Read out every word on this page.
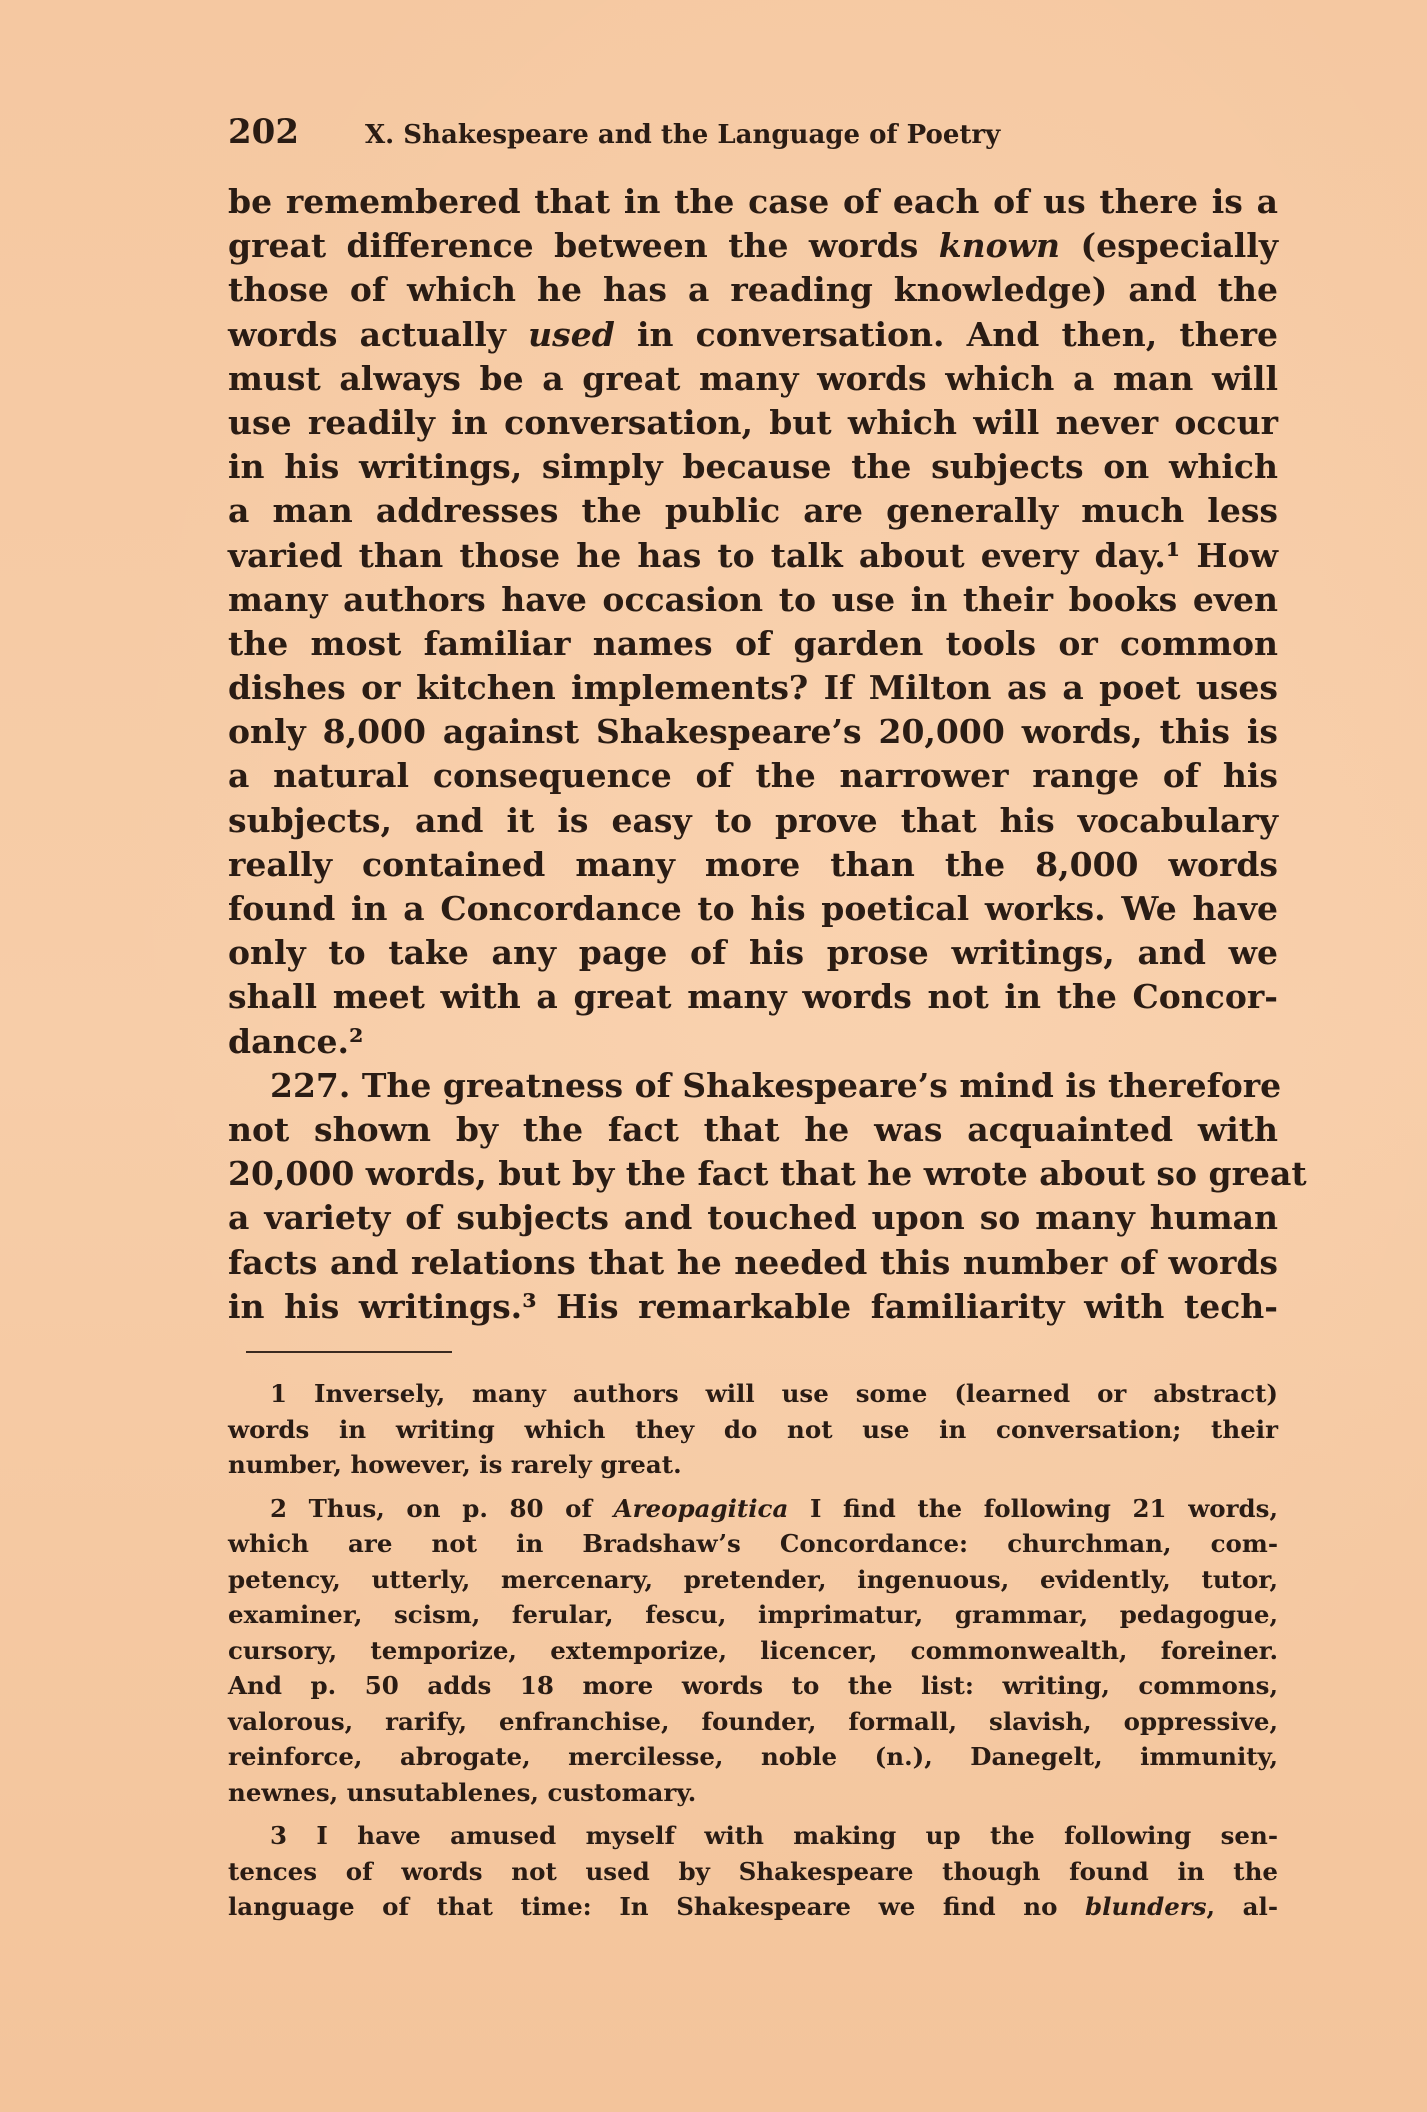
202	X. Shakespeare and the Language of Poetry
be remembered that in the case of each of us there is a
great difference between the words known (especially
those of which he has a reading knowledge) and the
words actually used in conversation. And then, there
must always be a great many words which a man will
use readily in conversation, but which will never occur
in his writings, simply because the subjects on which
a man addresses the public are generally much less
varied than those he has to talk about every day.¹ How
many authors have occasion to use in their books even
the most familiar names of garden tools or common
dishes or kitchen implements? If Milton as a poet uses
only 8,000 against Shakespeare’s 20,000 words, this is
a natural consequence of the narrower range of his
subjects, and it is easy to prove that his vocabulary
really contained many more than the 8,000 words
found in a Concordance to his poetical works. We have
only to take any page of his prose writings, and we
shall meet with a great many words not in the Concor-
dance.²
227. The greatness of Shakespeare’s mind is therefore
not shown by the fact that he was acquainted with
20,000 words, but by the fact that he wrote about so great
a variety of subjects and touched upon so many human
facts and relations that he needed this number of words
in his writings.³ His remarkable familiarity with tech-
1 Inversely, many authors will use some (learned or abstract)
words in writing which they do not use in conversation; their
number, however, is rarely great.
2 Thus, on p. 80 of Areopagitica I find the following 21 words,
which are not in Bradshaw’s Concordance: churchman, com-
petency, utterly, mercenary, pretender, ingenuous, evidently, tutor,
examiner, scism, ferular, fescu, imprimatur, grammar, pedagogue,
cursory, temporize, extemporize, licencer, commonwealth, foreiner.
And p. 50 adds 18 more words to the list: writing, commons,
valorous, rarify, enfranchise, founder, formall, slavish, oppressive,
reinforce, abrogate, mercilesse, noble (n.), Danegelt, immunity,
newnes, unsutablenes, customary.
3 I have amused myself with making up the following sen-
tences of words not used by Shakespeare though found in the
language of that time: In Shakespeare we find no blunders, al-
